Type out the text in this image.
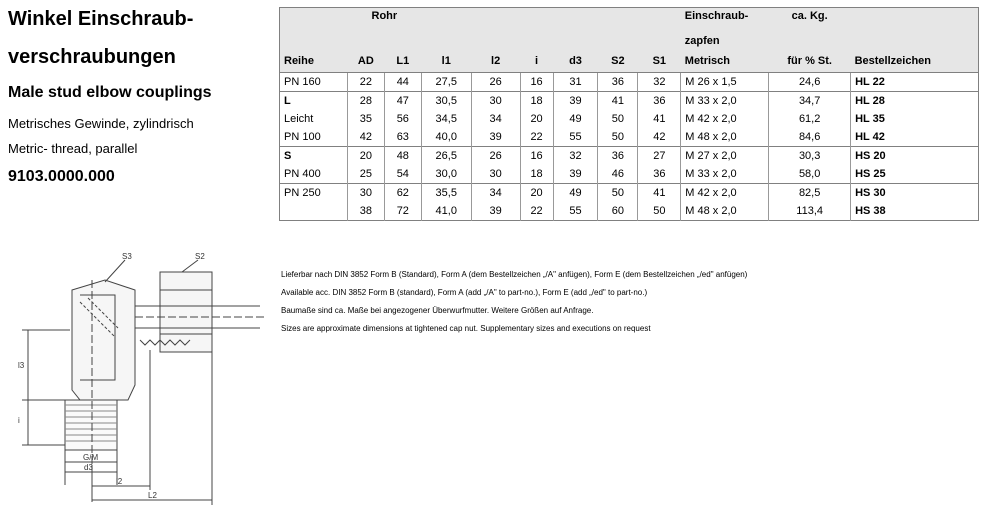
Winkel Einschraub-
verschraubungen
Male stud elbow couplings
Metrisches Gewinde, zylindrisch
Metric- thread, parallel
9103.0000.000
	Rohr								Einschraub-	ca. Kg.	
									zapfen		
Reihe	AD	L1	l1	l2	i	d3	S2	S1	Metrisch	für % St.	Bestellzeichen
PN 160	22	44	27,5	26	16	31	36	32	M 26 x 1,5	24,6	HL 22
L	28	47	30,5	30	18	39	41	36	M 33 x 2,0	34,7	HL 28
Leicht	35	56	34,5	34	20	49	50	41	M 42 x 2,0	61,2	HL 35
PN 100	42	63	40,0	39	22	55	50	42	M 48 x 2,0	84,6	HL 42
S	20	48	26,5	26	16	32	36	27	M 27 x 2,0	30,3	HS 20
PN 400	25	54	30,0	30	18	39	46	36	M 33 x 2,0	58,0	HS 25
PN 250	30	62	35,5	34	20	49	50	41	M 42 x 2,0	82,5	HS 30
	38	72	41,0	39	22	55	60	50	M 48 x 2,0	113,4	HS 38
Lieferbar nach DIN 3852 Form B (Standard), Form A (dem Bestellzeichen „/A" anfügen), Form E (dem Bestellzeichen „/ed" anfügen)
Available acc. DIN 3852 Form B (standard), Form A (add „/A" to part-no.), Form E (add „/ed" to part-no.)
Baumaße sind ca. Maße bei angezogener Überwurfmutter. Weitere Größen auf Anfrage.
Sizes are approximate dimensions at tightened cap nut. Supplementary sizes and executions on request
S3	S2
l3
i
G/M
d3
l2
L2
